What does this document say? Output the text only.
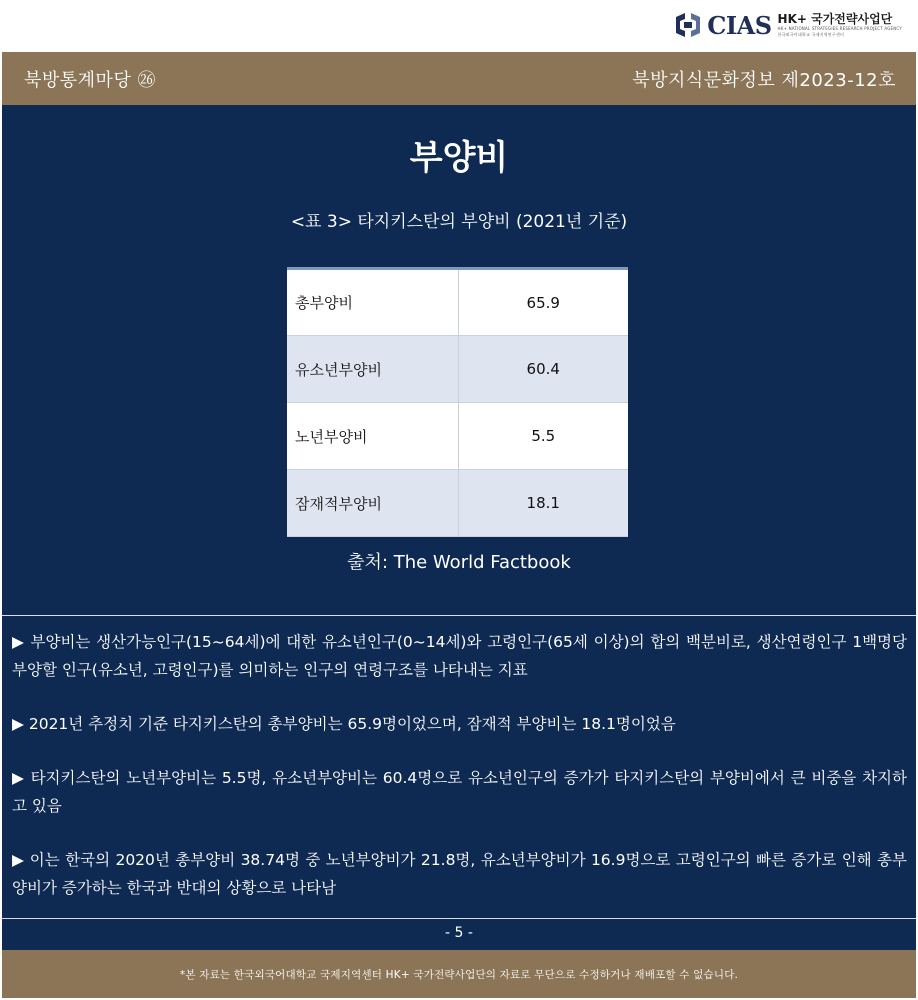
CIAS HK+ 국가전략사업단
HK+ NATIONAL STRATEGIES RESEARCH PROJECT AGENCY
한국외국어대학교 국제지역연구센터
북방통계마당 ㉖	북방지식문화정보 제2023-12호
부양비
<표 3> 타지키스탄의 부양비 (2021년 기준)
총부양비	65.9
유소년부양비	60.4
노년부양비	5.5
잠재적부양비	18.1
출처: The World Factbook

▶ 부양비는 생산가능인구(15~64세)에 대한 유소년인구(0~14세)와 고령인구(65세 이상)의 합의 백분비로, 생산연령인구 1백명당 부양할 인구(유소년, 고령인구)를 의미하는 인구의 연령구조를 나타내는 지표

▶ 2021년 추정치 기준 타지키스탄의 총부양비는 65.9명이었으며, 잠재적 부양비는 18.1명이었음

▶ 타지키스탄의 노년부양비는 5.5명, 유소년부양비는 60.4명으로 유소년인구의 증가가 타지키스탄의 부양비에서 큰 비중을 차지하고 있음

▶ 이는 한국의 2020년 총부양비 38.74명 중 노년부양비가 21.8명, 유소년부양비가 16.9명으로 고령인구의 빠른 증가로 인해 총부양비가 증가하는 한국과 반대의 상황으로 나타남

- 5 -
*본 자료는 한국외국어대학교 국제지역센터 HK+ 국가전략사업단의 자료로 무단으로 수정하거나 재배포할 수 없습니다.
